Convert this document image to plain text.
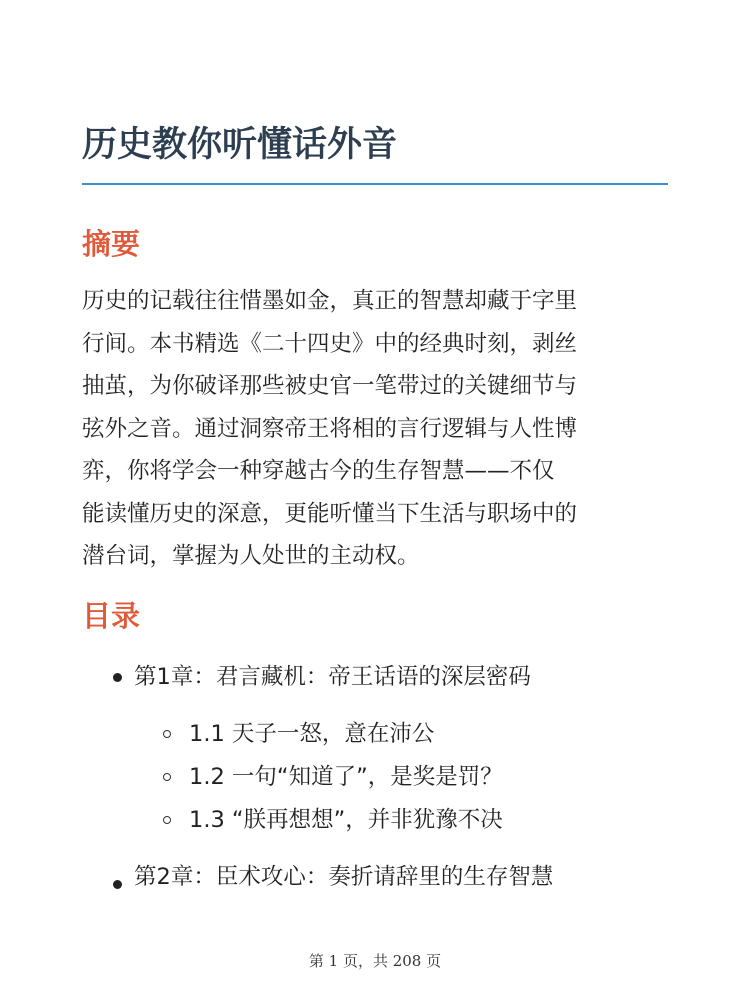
历史教你听懂话外音
摘要

历史的记载往往惜墨如金，真正的智慧却藏于字里
行间。本书精选《二十四史》中的经典时刻，剥丝
抽茧，为你破译那些被史官一笔带过的关键细节与
弦外之音。通过洞察帝王将相的言行逻辑与人性博
弈，你将学会一种穿越古今的生存智慧——不仅
能读懂历史的深意，更能听懂当下生活与职场中的
潜台词，掌握为人处世的主动权。

目录
第1章：君言藏机：帝王话语的深层密码
1.1 天子一怒，意在沛公
1.2 一句“知道了”，是奖是罚？
1.3 “朕再想想”，并非犹豫不决
第2章：臣术攻心：奏折请辞里的生存智慧
第 1 页，共 208 页
